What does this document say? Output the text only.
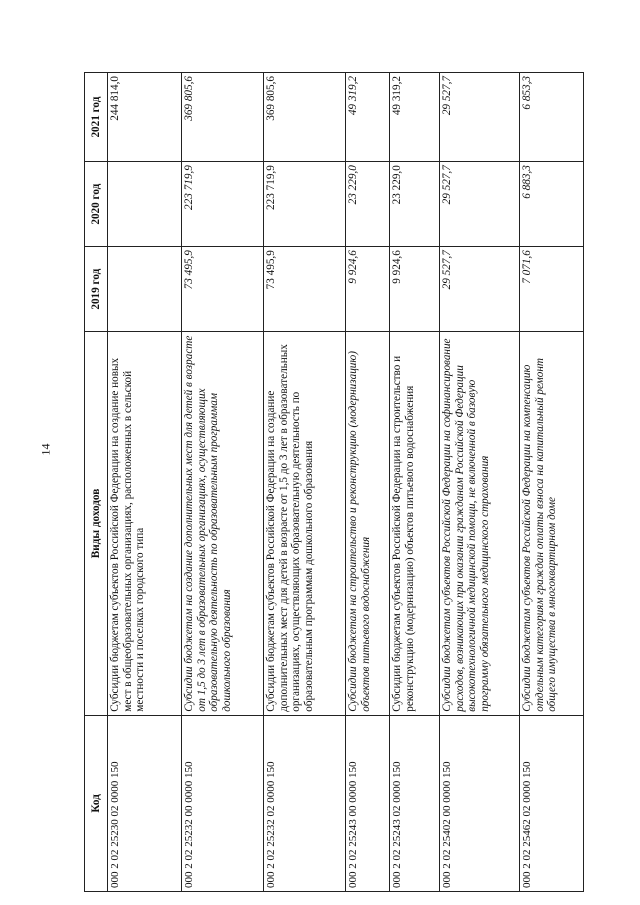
14
Код	Виды доходов	2019 год	2020 год	2021 год
000 2 02 25230 02 0000 150	Субсидии бюджетам субъектов Российской Федерации на создание новых мест в общеобразовательных организациях, расположенных в сельской местности и поселках городского типа			244 814,0
000 2 02 25232 00 0000 150	Субсидии бюджетам на создание дополнительных мест для детей в возрасте от 1,5 до 3 лет в образовательных организациях, осуществляющих образовательную деятельность по образовательным программам дошкольного образования	73 495,9	223 719,9	369 805,6
000 2 02 25232 02 0000 150	Субсидии бюджетам субъектов Российской Федерации на создание дополнительных мест для детей в возрасте от 1,5 до 3 лет в образовательных организациях, осуществляющих образовательную деятельность по образовательным программам дошкольного образования	73 495,9	223 719,9	369 805,6
000 2 02 25243 00 0000 150	Субсидии бюджетам на строительство и реконструкцию (модернизацию) объектов питьевого водоснабжения	9 924,6	23 229,0	49 319,2
000 2 02 25243 02 0000 150	Субсидии бюджетам субъектов Российской Федерации на строительство и реконструкцию (модернизацию) объектов питьевого водоснабжения	9 924,6	23 229,0	49 319,2
000 2 02 25402 00 0000 150	Субсидии бюджетам субъектов Российской Федерации на софинансирование расходов, возникающих при оказании гражданам Российской Федерации высокотехнологичной медицинской помощи, не включенной в базовую программу обязательного медицинского страхования	29 527,7	29 527,7	29 527,7
000 2 02 25462 02 0000 150	Субсидии бюджетам субъектов Российской Федерации на компенсацию отдельным категориям граждан оплаты взноса на капитальный ремонт общего имущества в многоквартирном доме	7 071,6	6 883,3	6 853,3
